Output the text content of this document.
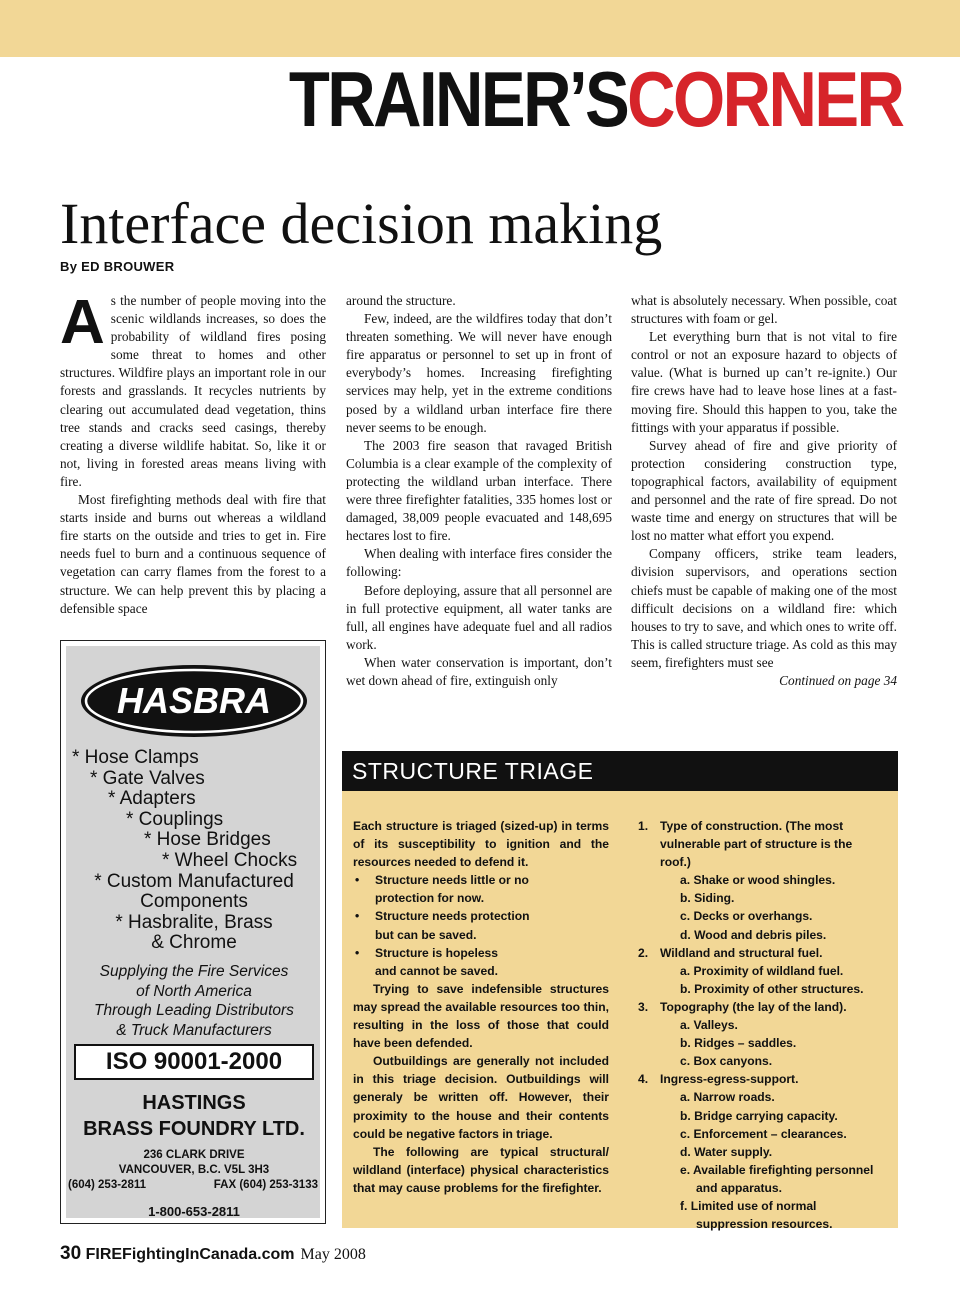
TRAINER’SCORNER
Interface decision making
By ED BROUWER

As the number of people moving into the scenic wildlands increases, so does the probability of wildland fires posing some threat to homes and other structures. Wildfire plays an important role in our forests and grasslands. It recycles nutrients by clearing out accumulated dead vegetation, thins tree stands and cracks seed casings, thereby creating a diverse wildlife habitat. So, like it or not, living in forested areas means living with fire.

Most firefighting methods deal with fire that starts inside and burns out whereas a wildland fire starts on the outside and tries to get in. Fire needs fuel to burn and a continuous sequence of vegetation can carry flames from the forest to a structure. We can help prevent this by placing a defensible space

around the structure.

Few, indeed, are the wildfires today that don’t threaten something. We will never have enough fire apparatus or personnel to set up in front of everybody’s homes. Increasing firefighting services may help, yet in the extreme conditions posed by a wildland urban interface fire there never seems to be enough.

The 2003 fire season that ravaged British Columbia is a clear example of the complexity of protecting the wildland urban interface. There were three firefighter fatalities, 335 homes lost or damaged, 38,009 people evacuated and 148,695 hectares lost to fire.

When dealing with interface fires consider the following:

Before deploying, assure that all personnel are in full protective equipment, all water tanks are full, all engines have adequate fuel and all radios work.

When water conservation is important, don’t wet down ahead of fire, extinguish only

what is absolutely necessary. When possible, coat structures with foam or gel.

Let everything burn that is not vital to fire control or not an exposure hazard to objects of value. (What is burned up can’t re-ignite.) Our fire crews have had to leave hose lines at a fast-moving fire. Should this happen to you, take the fittings with your apparatus if possible.

Survey ahead of fire and give priority of protection considering construction type, topographical factors, availability of equipment and personnel and the rate of fire spread. Do not waste time and energy on structures that will be lost no matter what effort you expend.

Company officers, strike team leaders, division supervisors, and operations section chiefs must be capable of making one of the most difficult decisions on a wildland fire: which houses to try to save, and which ones to write off. This is called structure triage. As cold as this may seem, firefighters must see

Continued on page 34

HASBRA
* Hose Clamps
* Gate Valves
* Adapters
* Couplings
* Hose Bridges
* Wheel Chocks
* Custom Manufactured
Components
* Hasbralite, Brass
& Chrome
Supplying the Fire Services
of North America
Through Leading Distributors
& Truck Manufacturers
ISO 90001-2000
HASTINGS
BRASS FOUNDRY LTD.
236 CLARK DRIVE
VANCOUVER, B.C. V5L 3H3
(604) 253-2811	FAX (604) 253-3133
1-800-653-2811
STRUCTURE TRIAGE

Each structure is triaged (sized-up) in terms of its susceptibility to ignition and the resources needed to defend it.

• Structure needs little or no
protection for now.
• Structure needs protection
but can be saved.
• Structure is hopeless
and cannot be saved.

Trying to save indefensible structures may spread the available resources too thin, resulting in the loss of those that could have been defended.

Outbuildings are generally not included in this triage decision. Outbuildings will generaly be written off. However, their proximity to the house and their contents could be negative factors in triage.

The following are typical structural/ wildland (interface) physical characteristics that may cause problems for the firefighter.

1. Type of construction. (The most
vulnerable part of structure is the roof.)
a. Shake or wood shingles.
b. Siding.
c. Decks or overhangs.
d. Wood and debris piles.
2. Wildland and structural fuel.
a. Proximity of wildland fuel.
b. Proximity of other structures.
3. Topography (the lay of the land).
a. Valleys.
b. Ridges – saddles.
c. Box canyons.
4. Ingress-egress-support.
a. Narrow roads.
b. Bridge carrying capacity.
c. Enforcement – clearances.
d. Water supply.
e. Available firefighting personnel
and apparatus.
f. Limited use of normal
suppression resources.
30 FIREFightingInCanada.com May 2008
